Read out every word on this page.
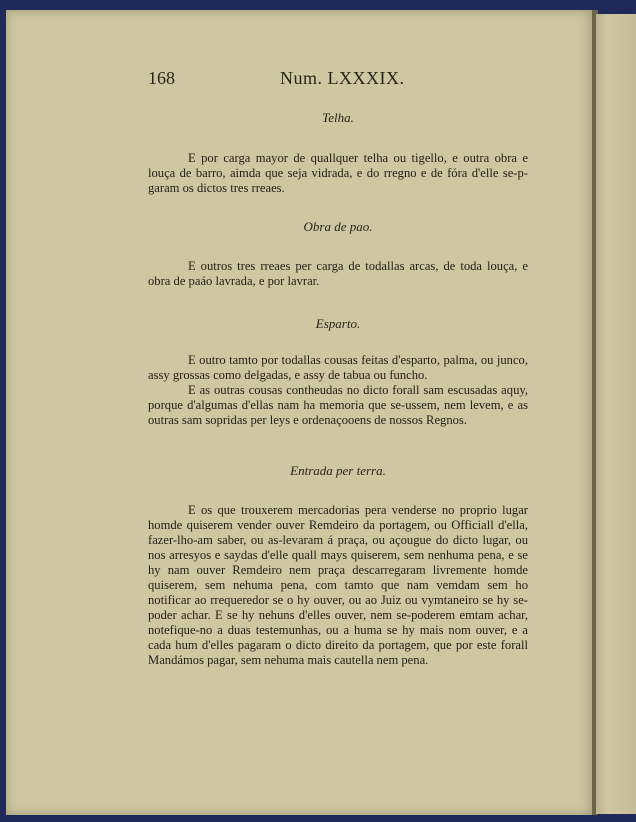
168	Num. LXXXIX.
Telha.

E por carga mayor de quallquer telha ou tigello, e outra obra e louça de barro, aimda que seja vidrada, e do rregno e de fóra d'elle se-p-garam os dictos tres rreaes.

Obra de pao.

E outros tres rreaes per carga de todallas arcas, de toda louça, e obra de paáo lavrada, e por lavrar.

Esparto.

E outro tamto por todallas cousas feitas d'esparto, palma, ou junco, assy grossas como delgadas, e assy de tabua ou funcho.

E as outras cousas contheudas no dicto forall sam escusadas aquy, porque d'algumas d'ellas nam ha memoria que se-ussem, nem levem, e as outras sam sopridas per leys e ordenaçooens de nossos Regnos.

Entrada per terra.

E os que trouxerem mercadorias pera venderse no proprio lugar homde quiserem vender ouver Remdeiro da portagem, ou Officiall d'ella, fazer-lho-am saber, ou as-levaram á praça, ou açougue do dicto lugar, ou nos arresyos e saydas d'elle quall mays quiserem, sem nenhuma pena, e se hy nam ouver Remdeiro nem praça descarregaram livremente homde quiserem, sem nehuma pena, com tamto que nam vemdam sem ho notificar ao rrequeredor se o hy ouver, ou ao Juiz ou vymtaneiro se hy se-poder achar. E se hy nehuns d'elles ouver, nem se-poderem emtam achar, notefique-no a duas testemunhas, ou a huma se hy mais nom ouver, e a cada hum d'elles pagaram o dicto direito da portagem, que por este forall Mandámos pagar, sem nehuma mais cautella nem pena.
